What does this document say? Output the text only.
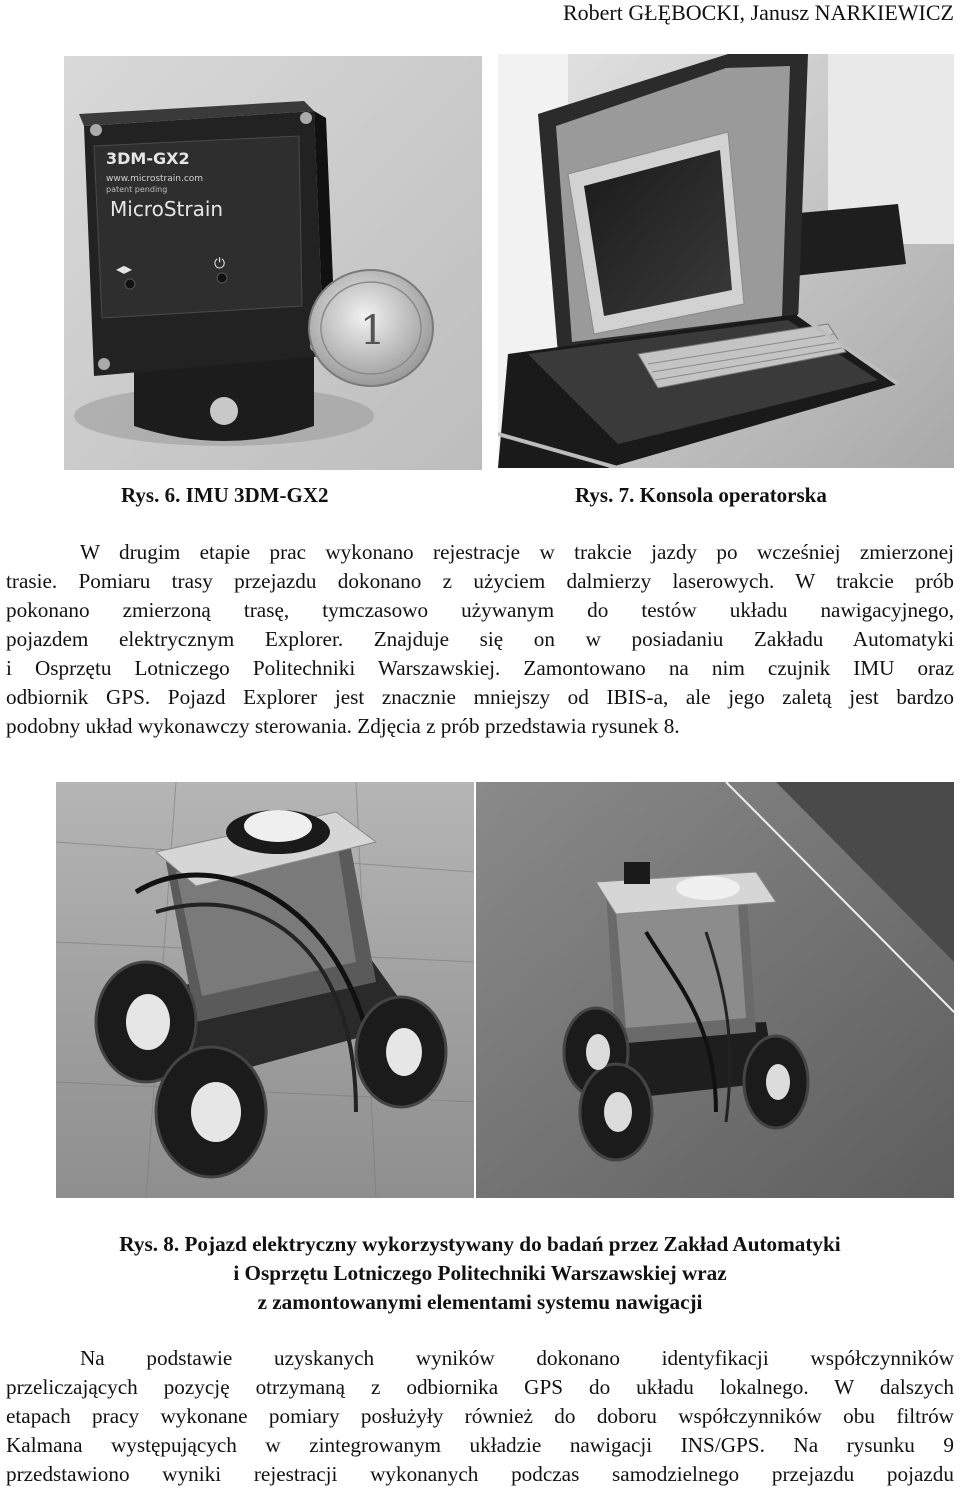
Robert GŁĘBOCKI, Janusz NARKIEWICZ
3DM-GX2
www.microstrain.com
patent pending
MicroStrain
◂▸	⏻
1
Rys. 6. IMU 3DM-GX2	Rys. 7. Konsola operatorska
W drugim etapie prac wykonano rejestracje w trakcie jazdy po wcześniej zmierzonej
trasie. Pomiaru trasy przejazdu dokonano z użyciem dalmierzy laserowych. W trakcie prób
pokonano zmierzoną trasę, tymczasowo używanym do testów układu nawigacyjnego,
pojazdem elektrycznym Explorer. Znajduje się on w posiadaniu Zakładu Automatyki
i Osprzętu Lotniczego Politechniki Warszawskiej. Zamontowano na nim czujnik IMU oraz
odbiornik GPS. Pojazd Explorer jest znacznie mniejszy od IBIS-a, ale jego zaletą jest bardzo
podobny układ wykonawczy sterowania. Zdjęcia z prób przedstawia rysunek 8.
Rys. 8. Pojazd elektryczny wykorzystywany do badań przez Zakład Automatyki
i Osprzętu Lotniczego Politechniki Warszawskiej wraz
z zamontowanymi elementami systemu nawigacji
Na podstawie uzyskanych wyników dokonano identyfikacji współczynników
przeliczających pozycję otrzymaną z odbiornika GPS do układu lokalnego. W dalszych
etapach pracy wykonane pomiary posłużyły również do doboru współczynników obu filtrów
Kalmana występujących w zintegrowanym układzie nawigacji INS/GPS. Na rysunku 9
przedstawiono wyniki rejestracji wykonanych podczas samodzielnego przejazdu pojazdu
